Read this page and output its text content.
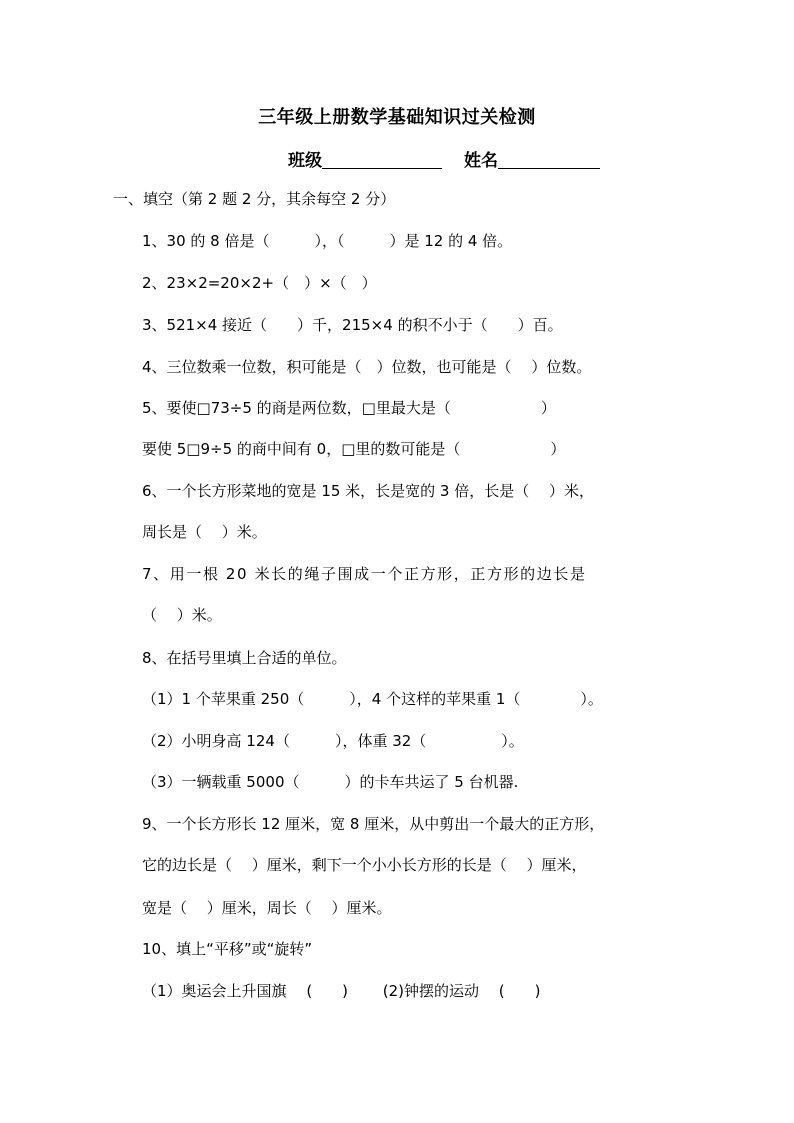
三年级上册数学基础知识过关检测
班级	姓名
一、填空（第 2 题 2 分，其余每空 2 分）
1、30 的 8 倍是（　　　），（　　　）是 12 的 4 倍。
2、23×2=20×2+（　）×（　）
3、521×4 接近（　　）千，215×4 的积不小于（　　）百。
4、三位数乘一位数，积可能是（　）位数，也可能是（　 ）位数。
5、要使□73÷5 的商是两位数，□里最大是（　　　　　　）
要使 5□9÷5 的商中间有 0，□里的数可能是（　　　　　　）
6、一个长方形菜地的宽是 15 米，长是宽的 3 倍，长是（　 ）米，
周长是（　 ）米。
7、用一根 20 米长的绳子围成一个正方形，正方形的边长是
（　 ）米。
8、在括号里填上合适的单位。
（1）1 个苹果重 250（　　　），4 个这样的苹果重 1（　　　　）。
（2）小明身高 124（　　　），体重 32（　　　　　）。
（3）一辆载重 5000（　　　）的卡车共运了 5 台机器.
9、一个长方形长 12 厘米，宽 8 厘米，从中剪出一个最大的正方形，
它的边长是（　 ）厘米，剩下一个小小长方形的长是（　 ）厘米，
宽是（　 ）厘米，周长（　 ）厘米。
10、填上“平移”或“旋转”
（1）奥运会上升国旗　 (　　)　　 (2)钟摆的运动　 (　　)
